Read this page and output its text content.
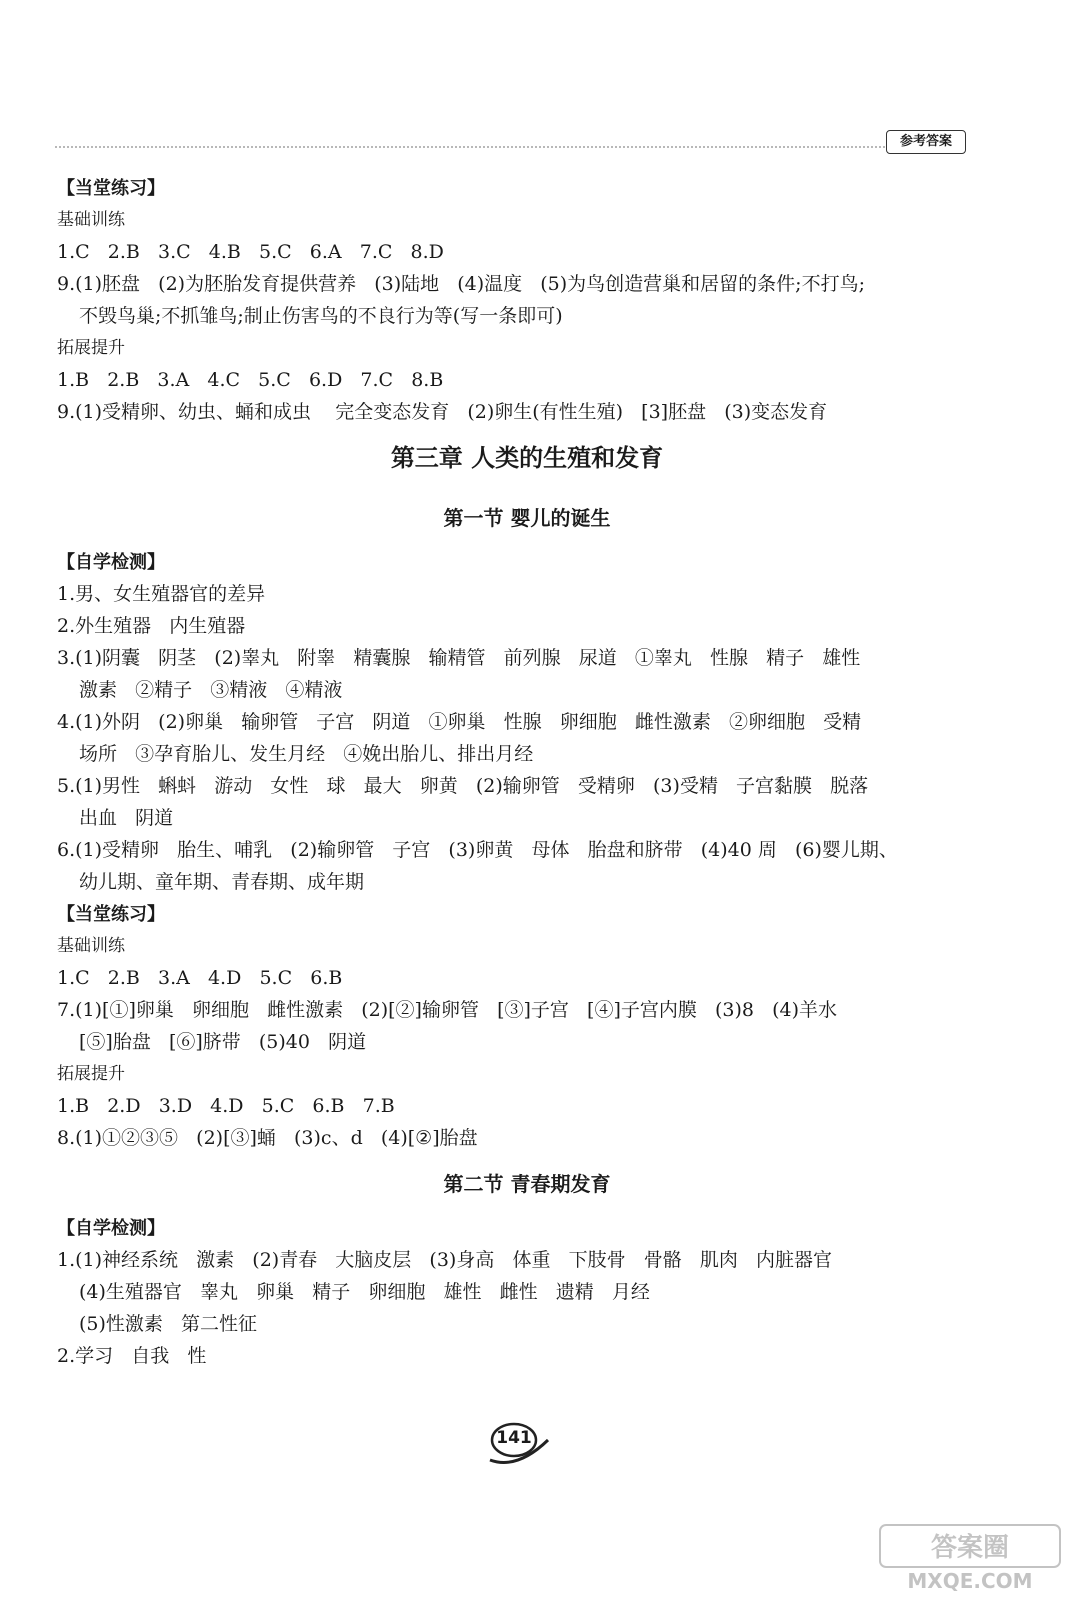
参考答案
【当堂练习】
基础训练
1.C   2.B   3.C   4.B   5.C   6.A   7.C   8.D
9.(1)胚盘   (2)为胚胎发育提供营养   (3)陆地   (4)温度   (5)为鸟创造营巢和居留的条件;不打鸟;
不毁鸟巢;不抓雏鸟;制止伤害鸟的不良行为等(写一条即可)
拓展提升
1.B   2.B   3.A   4.C   5.C   6.D   7.C   8.B
9.(1)受精卵、幼虫、蛹和成虫    完全变态发育   (2)卵生(有性生殖)   [3]胚盘   (3)变态发育
第三章 人类的生殖和发育
第一节 婴儿的诞生
【自学检测】
1.男、女生殖器官的差异
2.外生殖器   内生殖器
3.(1)阴囊   阴茎   (2)睾丸   附睾   精囊腺   输精管   前列腺   尿道   ①睾丸   性腺   精子   雄性
激素   ②精子   ③精液   ④精液
4.(1)外阴   (2)卵巢   输卵管   子宫   阴道   ①卵巢   性腺   卵细胞   雌性激素   ②卵细胞   受精
场所   ③孕育胎儿、发生月经   ④娩出胎儿、排出月经
5.(1)男性   蝌蚪   游动   女性   球   最大   卵黄   (2)输卵管   受精卵   (3)受精   子宫黏膜   脱落
出血   阴道
6.(1)受精卵   胎生、哺乳   (2)输卵管   子宫   (3)卵黄   母体   胎盘和脐带   (4)40 周   (6)婴儿期、
幼儿期、童年期、青春期、成年期
【当堂练习】
基础训练
1.C   2.B   3.A   4.D   5.C   6.B
7.(1)[①]卵巢   卵细胞   雌性激素   (2)[②]输卵管   [③]子宫   [④]子宫内膜   (3)8   (4)羊水
[⑤]胎盘   [⑥]脐带   (5)40   阴道
拓展提升
1.B   2.D   3.D   4.D   5.C   6.B   7.B
8.(1)①②③⑤   (2)[③]蛹   (3)c、d   (4)[②]胎盘
第二节 青春期发育
【自学检测】
1.(1)神经系统   激素   (2)青春   大脑皮层   (3)身高   体重   下肢骨   骨骼   肌肉   内脏器官
(4)生殖器官   睾丸   卵巢   精子   卵细胞   雄性   雌性   遗精   月经
(5)性激素   第二性征
2.学习   自我   性
141
答案圈
MXQE.COM
